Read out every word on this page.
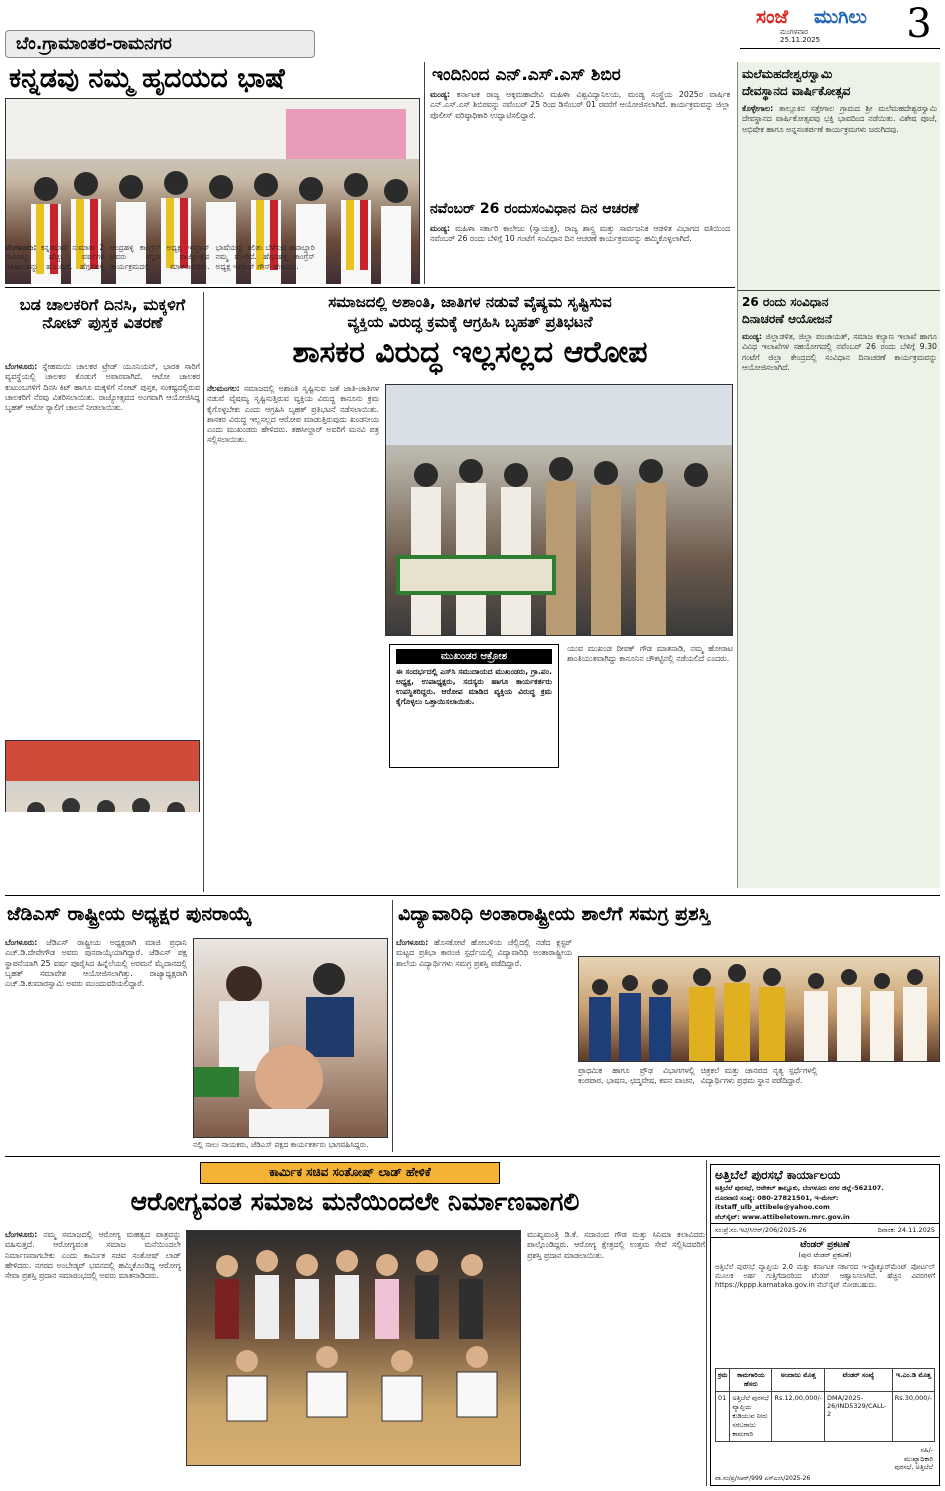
ಬೆಂ.ಗ್ರಾಮಾಂತರ-ರಾಮನಗರ
ಸಂಜೆ ಮುಗಿಲು
ಮಂಗಳವಾರ
25.11.2025	3
ಕನ್ನಡವು ನಮ್ಮ ಹೃದಯದ ಭಾಷೆ
ಬೆಂಗಳೂರು: ಕನ್ನಡಭಾಷೆ ಸುಮಾರು 2 ಸಾವಿರಕ್ಕೂ ಹೆಚ್ಚು ವರ್ಷಗಳ ಇತಿಹಾಸವನ್ನು ಹೊಂದಿದೆ. ಹೆಗ್ಗನಹಳ್ಳಿ ಅಂದ್ರಹಳ್ಳಿ ಕಾಂಗ್ರೆಸ್ ಅಧ್ಯಕ್ಷ ಇಮ್ರಾನ್ ಅವರು ಕನ್ನಡ ರಾಜ್ಯೋತ್ಸವ ಕಾರ್ಯಕ್ರಮದಲ್ಲಿ ಮಾತನಾಡಿದರು. ಭಾಷೆಯನ್ನು ಕಲಿತು ಬೆಳೆಸುವ ಜವಾಬ್ದಾರಿ ನಮ್ಮ ಮೇಲಿದೆ. ಹೆಗ್ಗನಹಳ್ಳಿ ಕಾಂಗ್ರೆಸ್ ಅಧ್ಯಕ್ಷ ಇಮ್ರಾನ್ ಗೌಸ್ ಹೇಳಿದರು.
ಇಂದಿನಿಂದ ಎನ್.ಎಸ್.ಎಸ್ ಶಿಬಿರ
ಮಂಡ್ಯ: ಕರ್ನಾಟಕ ರಾಜ್ಯ ಅಕ್ಕಮಹಾದೇವಿ ಮಹಿಳಾ ವಿಶ್ವವಿದ್ಯಾನಿಲಯ, ಮಂಡ್ಯ ಸಂಸ್ಥೆಯ 2025ರ ವಾರ್ಷಿಕ ಎನ್.ಎಸ್.ಎಸ್ ಶಿಬಿರವನ್ನು ನವೆಂಬರ್ 25 ರಿಂದ ಡಿಸೆಂಬರ್ 01 ರವರೆಗೆ ಆಯೋಜಿಸಲಾಗಿದೆ. ಕಾರ್ಯಕ್ರಮವನ್ನು ಜಿಲ್ಲಾ ಪೊಲೀಸ್ ವರಿಷ್ಠಾಧಿಕಾರಿ ಉದ್ಘಾಟಿಸಲಿದ್ದಾರೆ.
ನವೆಂಬರ್ 26 ರಂದುಸಂವಿಧಾನ ದಿನ ಆಚರಣೆ
ಮಂಡ್ಯ: ಮಹಿಳಾ ಸರ್ಕಾರಿ ಕಾಲೇಜು (ಸ್ವಾಯತ್ತ), ರಾಜ್ಯ ಶಾಸ್ತ್ರ ಮತ್ತು ಸಾರ್ವಜನಿಕ ಆಡಳಿತ ವಿಭಾಗದ ವತಿಯಿಂದ ನವೆಂಬರ್ 26 ರಂದು ಬೆಳಿಗ್ಗೆ 10 ಗಂಟೆಗೆ ಸಂವಿಧಾನ ದಿನ ಆಚರಣೆ ಕಾರ್ಯಕ್ರಮವನ್ನು ಹಮ್ಮಿಕೊಳ್ಳಲಾಗಿದೆ.
ಮಲೆಮಹದೇಶ್ವರಸ್ವಾಮಿ
ದೇವಸ್ಥಾನದ ವಾರ್ಷಿಕೋತ್ಸವ
ಕೊಳ್ಳೇಗಾಲ: ತಾಲ್ಲೂಕಿನ ಸತ್ತೇಗಾಲ ಗ್ರಾಮದ ಶ್ರೀ ಮಲೆಮಹದೇಶ್ವರಸ್ವಾಮಿ ದೇವಸ್ಥಾನದ ವಾರ್ಷಿಕೋತ್ಸವವು ಭಕ್ತಿ ಭಾವದಿಂದ ನಡೆಯಿತು. ವಿಶೇಷ ಪೂಜೆ, ಅಭಿಷೇಕ ಹಾಗೂ ಅನ್ನಸಂತರ್ಪಣೆ ಕಾರ್ಯಕ್ರಮಗಳು ಜರುಗಿದವು.
26 ರಂದು ಸಂವಿಧಾನ
ದಿನಾಚರಣೆ ಆಯೋಜನೆ
ಮಂಡ್ಯ: ಜಿಲ್ಲಾಡಳಿತ, ಜಿಲ್ಲಾ ಪಂಚಾಯತ್, ಸಮಾಜ ಕಲ್ಯಾಣ ಇಲಾಖೆ ಹಾಗೂ ವಿವಿಧ ಇಲಾಖೆಗಳ ಸಹಯೋಗದಲ್ಲಿ ನವೆಂಬರ್ 26 ರಂದು ಬೆಳಿಗ್ಗೆ 9.30 ಗಂಟೆಗೆ ಜಿಲ್ಲಾ ಕೇಂದ್ರದಲ್ಲಿ ಸಂವಿಧಾನ ದಿನಾಚರಣೆ ಕಾರ್ಯಕ್ರಮವನ್ನು ಆಯೋಜಿಸಲಾಗಿದೆ.
ಬಡ ಚಾಲಕರಿಗೆ ದಿನಸಿ, ಮಕ್ಕಳಿಗೆ ನೋಟ್ ಪುಸ್ತಕ ವಿತರಣೆ
ಬೆಂಗಳೂರು: ಸ್ನೇಹಮಯಿ ಚಾಲಕರ ಟ್ರೇಡ್ ಯೂನಿಯನ್, ಭಾರತ ಸಾರಿಗೆ ವ್ಯವಸ್ಥೆಯಲ್ಲಿ ಚಾಲಕರ ಕೊಡುಗೆ ಅಪಾರವಾಗಿದೆ. ಆಟೋ ಚಾಲಕರ ಕುಟುಂಬಗಳಿಗೆ ದಿನಸಿ ಕಿಟ್ ಹಾಗೂ ಮಕ್ಕಳಿಗೆ ನೋಟ್ ಪುಸ್ತಕ, ಸಂಕಷ್ಟದಲ್ಲಿರುವ ಚಾಲಕರಿಗೆ ನೆರವು ವಿತರಿಸಲಾಯಿತು. ರಾಜ್ಯೋತ್ಸವದ ಅಂಗವಾಗಿ ಆಯೋಜಿಸಿದ್ದ ಬೃಹತ್ ಆಟೋ ರ‍್ಯಾಲಿಗೆ ಚಾಲನೆ ನೀಡಲಾಯಿತು.
ಸಮಾಜದಲ್ಲಿ ಅಶಾಂತಿ, ಜಾತಿಗಳ ನಡುವೆ ವೈಷ್ಯಮ ಸೃಷ್ಟಿಸುವ
ವ್ಯಕ್ತಿಯ ವಿರುದ್ಧ ಕ್ರಮಕ್ಕೆ ಆಗ್ರಹಿಸಿ ಬೃಹತ್ ಪ್ರತಿಭಟನೆ
ಶಾಸಕರ ವಿರುದ್ಧ ಇಲ್ಲಸಲ್ಲದ ಆರೋಪ
ನೆಲಮಂಗಲ: ಸಮಾಜದಲ್ಲಿ ಅಶಾಂತಿ ಸೃಷ್ಟಿಸುವ ಜತೆ ಜಾತಿ-ಜಾತಿಗಳ ನಡುವೆ ವೈಷಮ್ಯ ಸೃಷ್ಟಿಸುತ್ತಿರುವ ವ್ಯಕ್ತಿಯ ವಿರುದ್ಧ ಕಾನೂನು ಕ್ರಮ ಕೈಗೊಳ್ಳಬೇಕು ಎಂದು ಆಗ್ರಹಿಸಿ ಬೃಹತ್ ಪ್ರತಿಭಟನೆ ನಡೆಸಲಾಯಿತು. ಶಾಸಕರ ವಿರುದ್ಧ ಇಲ್ಲಸಲ್ಲದ ಆರೋಪ ಮಾಡುತ್ತಿರುವುದು ಖಂಡನೀಯ ಎಂದು ಮುಖಂಡರು ಹೇಳಿದರು. ತಹಸೀಲ್ದಾರ್ ಅವರಿಗೆ ಮನವಿ ಪತ್ರ ಸಲ್ಲಿಸಲಾಯಿತು.
ಮುಖಂಡರ ಆಕ್ರೋಶ
ಈ ಸಂದರ್ಭದಲ್ಲಿ ಎಸ್‌ಸಿ ಸಮುದಾಯದ ಮುಖಂಡರು, ಗ್ರಾ.ಪಂ. ಅಧ್ಯಕ್ಷ, ಉಪಾಧ್ಯಕ್ಷರು, ಸದಸ್ಯರು ಹಾಗೂ ಕಾರ್ಯಕರ್ತರು ಉಪಸ್ಥಿತರಿದ್ದರು. ಆರೋಪ ಮಾಡಿದ ವ್ಯಕ್ತಿಯ ವಿರುದ್ಧ ಕ್ರಮ ಕೈಗೊಳ್ಳಲು ಒತ್ತಾಯಿಸಲಾಯಿತು.
ಯುವ ಮುಖಂಡ ದೀಪಕ್ ಗೌಡ ಮಾತನಾಡಿ, ನಮ್ಮ ಹೋರಾಟ ಶಾಂತಿಯುತವಾಗಿದ್ದು ಕಾನೂನಿನ ಚೌಕಟ್ಟಿನಲ್ಲಿ ನಡೆಯಲಿದೆ ಎಂದರು.
ಜೆಡಿಎಸ್ ರಾಷ್ಟ್ರೀಯ ಅಧ್ಯಕ್ಷರ ಪುನರಾಯ್ಕೆ
ಬೆಂಗಳೂರು: ಜೆಡಿಎಸ್ ರಾಷ್ಟ್ರೀಯ ಅಧ್ಯಕ್ಷರಾಗಿ ಮಾಜಿ ಪ್ರಧಾನಿ ಎಚ್.ಡಿ.ದೇವೇಗೌಡ ಅವರು ಪುನರಾಯ್ಕೆಯಾಗಿದ್ದಾರೆ. ಜೆಡಿಎಸ್ ಪಕ್ಷ ಸ್ಥಾಪನೆಯಾಗಿ 25 ವರ್ಷ ಪೂರೈಸಿದ ಹಿನ್ನೆಲೆಯಲ್ಲಿ ಅರಮನೆ ಮೈದಾನದಲ್ಲಿ ಬೃಹತ್ ಸಮಾವೇಶ ಆಯೋಜಿಸಲಾಗಿತ್ತು. ರಾಜ್ಯಾಧ್ಯಕ್ಷರಾಗಿ ಎಚ್.ಡಿ.ಕುಮಾರಸ್ವಾಮಿ ಅವರು ಮುಂದುವರಿಯಲಿದ್ದಾರೆ.
ನಲ್ಲಿ ಸಾಲು ನಾಯಕರು, ಜೆಡಿಎಸ್ ಪಕ್ಷದ ಕಾರ್ಯಕರ್ತರು ಭಾಗವಹಿಸಿದ್ದರು.
ವಿದ್ಯಾವಾರಿಧಿ ಅಂತಾರಾಷ್ಟ್ರೀಯ ಶಾಲೆಗೆ ಸಮಗ್ರ ಪ್ರಶಸ್ತಿ
ಬೆಂಗಳೂರು: ಹೊಸಕೋಟೆ ಹೋಬಳಿಯ ಚೆಲ್ಲಿದಲ್ಲಿ ನಡೆದ ಕ್ಲಸ್ಟರ್ ಮಟ್ಟದ ಪ್ರತಿಭಾ ಕಾರಂಜಿ ಸ್ಪರ್ಧೆಯಲ್ಲಿ ವಿದ್ಯಾವಾರಿಧಿ ಅಂತಾರಾಷ್ಟ್ರೀಯ ಶಾಲೆಯ ವಿದ್ಯಾರ್ಥಿಗಳು ಸಮಗ್ರ ಪ್ರಶಸ್ತಿ ಪಡೆದಿದ್ದಾರೆ.
ಪ್ರಾಥಮಿಕ ಹಾಗೂ ಪ್ರೌಢ ವಿಭಾಗಗಳಲ್ಲಿ ಕಂಠಪಾಠ, ಭಾಷಣ, ಛದ್ಮವೇಷ, ಕವನ ವಾಚನ, ಚಿತ್ರಕಲೆ ಮತ್ತು ಜಾನಪದ ನೃತ್ಯ ಸ್ಪರ್ಧೆಗಳಲ್ಲಿ ವಿದ್ಯಾರ್ಥಿಗಳು ಪ್ರಥಮ ಸ್ಥಾನ ಪಡೆದಿದ್ದಾರೆ.
ಕಾರ್ಮಿಕ ಸಚಿವ ಸಂತೋಷ್ ಲಾಡ್ ಹೇಳಿಕೆ
ಆರೋಗ್ಯವಂತ ಸಮಾಜ ಮನೆಯಿಂದಲೇ ನಿರ್ಮಾಣವಾಗಲಿ
ಬೆಂಗಳೂರು: ನಮ್ಮ ಸಮಾಜದಲ್ಲಿ ಆರೋಗ್ಯ ಮಹತ್ವದ ಪಾತ್ರವನ್ನು ವಹಿಸುತ್ತದೆ. ಆರೋಗ್ಯವಂತ ಸಮಾಜ ಮನೆಯಿಂದಲೇ ನಿರ್ಮಾಣವಾಗಬೇಕು ಎಂದು ಕಾರ್ಮಿಕ ಸಚಿವ ಸಂತೋಷ್ ಲಾಡ್ ಹೇಳಿದರು. ನಗರದ ಅಂಬೇಡ್ಕರ್ ಭವನದಲ್ಲಿ ಹಮ್ಮಿಕೊಂಡಿದ್ದ ಆರೋಗ್ಯ ಸೇವಾ ಪ್ರಶಸ್ತಿ ಪ್ರದಾನ ಸಮಾರಂಭದಲ್ಲಿ ಅವರು ಮಾತನಾಡಿದರು.
ಮುಖ್ಯಮಂತ್ರಿ ಡಿ.ಕೆ. ಸದಾನಂದ ಗೌಡ ಮತ್ತು ಸಿನಿಮಾ ಕಲಾವಿದರು ಪಾಲ್ಗೊಂಡಿದ್ದರು. ಆರೋಗ್ಯ ಕ್ಷೇತ್ರದಲ್ಲಿ ಉತ್ತಮ ಸೇವೆ ಸಲ್ಲಿಸಿದವರಿಗೆ ಪ್ರಶಸ್ತಿ ಪ್ರದಾನ ಮಾಡಲಾಯಿತು.
ಅತ್ತಿಬೆಲೆ ಪುರಸಭೆ ಕಾರ್ಯಾಲಯ
ಅತ್ತಿಬೆಲೆ ಪುರಸಭೆ, ಆನೇಕಲ್ ತಾಲ್ಲೂಕು, ಬೆಂಗಳೂರು ನಗರ ಜಿಲ್ಲೆ-562107.
ದೂರವಾಣಿ ಸಂಖ್ಯೆ: 080-27821501, ಇ-ಮೇಲ್: itstaff_ulb_attibele@yahoo.com
ವೆಬ್‌ಸೈಟ್: www.attibeletown.mrc.gov.in
ಸಂ:ಪ್ರೆ.ಸಂ.ಇಟಿ/ಸಿಆರ್/206/2025-26	ದಿನಾಂಕ: 24.11.2025
ಟೆಂಡರ್ ಪ್ರಕಟಣೆ
(ಪುನಃ ಟೆಂಡರ್ ಪ್ರಕಟಣೆ)
ಅತ್ತಿಬೆಲೆ ಪುರಸಭೆ ವ್ಯಾಪ್ತಿಯ 2.0 ಮತ್ತು ಕರ್ನಾಟಕ ಸರ್ಕಾರದ ಇ-ಪ್ರೊಕ್ಯೂರ್‌ಮೆಂಟ್ ಪೋರ್ಟಲ್ ಮೂಲಕ ಅರ್ಹ ಗುತ್ತಿಗೆದಾರರಿಂದ ಟೆಂಡರ್ ಆಹ್ವಾನಿಸಲಾಗಿದೆ. ಹೆಚ್ಚಿನ ವಿವರಗಳಿಗೆ https://kppp.karnataka.gov.in ವೆಬ್‌ಸೈಟ್ ನೋಡಬಹುದು.
ಕ್ರಮ	ಕಾಮಗಾರಿಯ ಹೆಸರು	ಅಂದಾಜು ಮೊತ್ತ	ಟೆಂಡರ್ ಸಂಖ್ಯೆ	ಇ.ಎಂ.ಡಿ ಮೊತ್ತ
01	ಅತ್ತಿಬೆಲೆ ಪುರಸಭೆ ವ್ಯಾಪ್ತಿಯ ಕುಡಿಯುವ ನೀರು ಸರಬರಾಜು ಕಾಮಗಾರಿ	Rs.12,00,000/-	DMA/2025-26/IND5329/CALL-2	Rs.30,000/-
ಸಹಿ/-
ಮುಖ್ಯಾಧಿಕಾರಿ
ಪುರಸಭೆ, ಅತ್ತಿಬೆಲೆ
ವಾ.ಸಂ/ಪ್ರ/ಸಿಆರ್/999 ಎಸ್‌ಎಂಸಿ/2025-26
